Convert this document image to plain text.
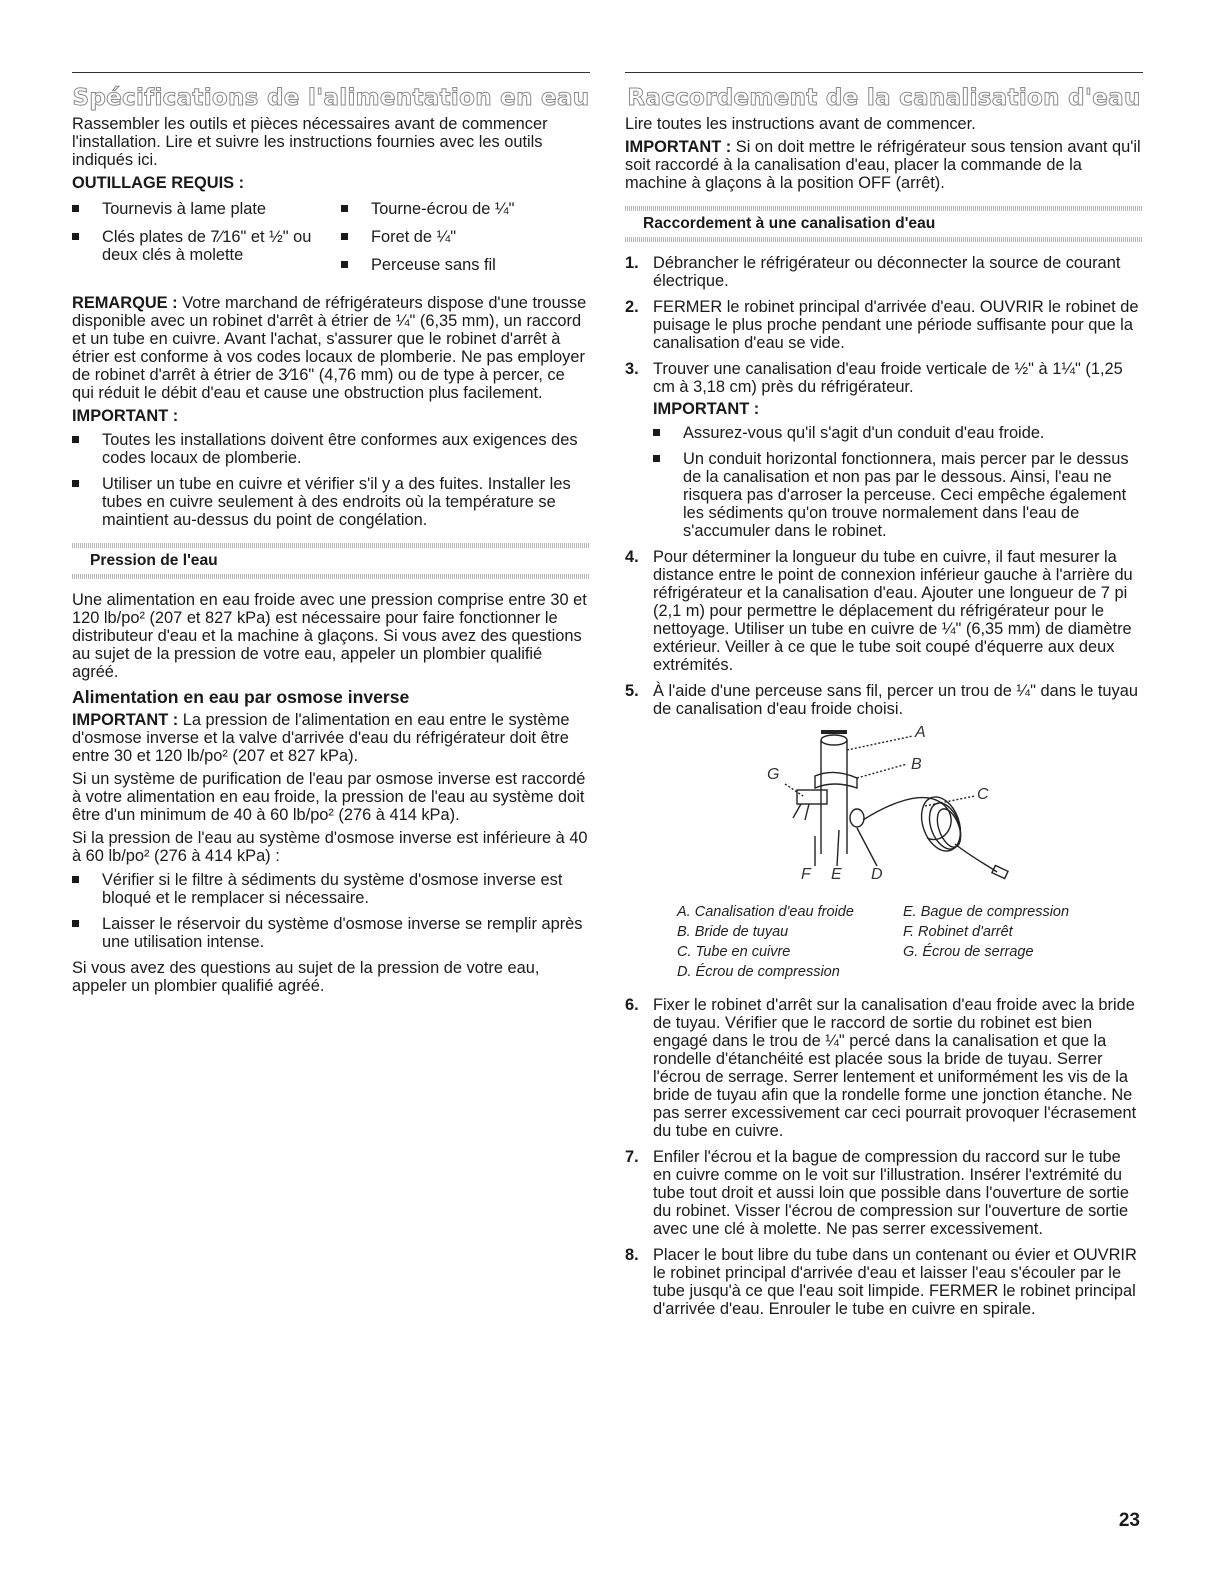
Spécifications de l'alimentation en eau

Rassembler les outils et pièces nécessaires avant de commencer l'installation. Lire et suivre les instructions fournies avec les outils indiqués ici.

OUTILLAGE REQUIS :
Tournevis à lame plate
Clés plates de 7⁄16" et ½" ou deux clés à molette
Tourne-écrou de ¼"
Foret de ¼"
Perceuse sans fil

REMARQUE : Votre marchand de réfrigérateurs dispose d'une trousse disponible avec un robinet d'arrêt à étrier de ¼" (6,35 mm), un raccord et un tube en cuivre. Avant l'achat, s'assurer que le robinet d'arrêt à étrier est conforme à vos codes locaux de plomberie. Ne pas employer de robinet d'arrêt à étrier de 3⁄16" (4,76 mm) ou de type à percer, ce qui réduit le débit d'eau et cause une obstruction plus facilement.

IMPORTANT :
Toutes les installations doivent être conformes aux exigences des codes locaux de plomberie.
Utiliser un tube en cuivre et vérifier s'il y a des fuites. Installer les tubes en cuivre seulement à des endroits où la température se maintient au-dessus du point de congélation.
Pression de l'eau

Une alimentation en eau froide avec une pression comprise entre 30 et 120 lb/po² (207 et 827 kPa) est nécessaire pour faire fonctionner le distributeur d'eau et la machine à glaçons. Si vous avez des questions au sujet de la pression de votre eau, appeler un plombier qualifié agréé.

Alimentation en eau par osmose inverse

IMPORTANT : La pression de l'alimentation en eau entre le système d'osmose inverse et la valve d'arrivée d'eau du réfrigérateur doit être entre 30 et 120 lb/po² (207 et 827 kPa).

Si un système de purification de l'eau par osmose inverse est raccordé à votre alimentation en eau froide, la pression de l'eau au système doit être d'un minimum de 40 à 60 lb/po² (276 à 414 kPa).

Si la pression de l'eau au système d'osmose inverse est inférieure à 40 à 60 lb/po² (276 à 414 kPa) :

Vérifier si le filtre à sédiments du système d'osmose inverse est bloqué et le remplacer si nécessaire.
Laisser le réservoir du système d'osmose inverse se remplir après une utilisation intense.

Si vous avez des questions au sujet de la pression de votre eau, appeler un plombier qualifié agréé.

Raccordement de la canalisation d'eau

Lire toutes les instructions avant de commencer.

IMPORTANT : Si on doit mettre le réfrigérateur sous tension avant qu'il soit raccordé à la canalisation d'eau, placer la commande de la machine à glaçons à la position OFF (arrêt).

Raccordement à une canalisation d'eau
1. Débrancher le réfrigérateur ou déconnecter la source de courant électrique.
2. FERMER le robinet principal d'arrivée d'eau. OUVRIR le robinet de puisage le plus proche pendant une période suffisante pour que la canalisation d'eau se vide.
3. Trouver une canalisation d'eau froide verticale de ½" à 1¼" (1,25 cm à 3,18 cm) près du réfrigérateur.
IMPORTANT :
Assurez-vous qu'il s'agit d'un conduit d'eau froide.
Un conduit horizontal fonctionnera, mais percer par le dessus de la canalisation et non pas par le dessous. Ainsi, l'eau ne risquera pas d'arroser la perceuse. Ceci empêche également les sédiments qu'on trouve normalement dans l'eau de s'accumuler dans le robinet.
4. Pour déterminer la longueur du tube en cuivre, il faut mesurer la distance entre le point de connexion inférieur gauche à l'arrière du réfrigérateur et la canalisation d'eau. Ajouter une longueur de 7 pi (2,1 m) pour permettre le déplacement du réfrigérateur pour le nettoyage. Utiliser un tube en cuivre de ¼" (6,35 mm) de diamètre extérieur. Veiller à ce que le tube soit coupé d'équerre aux deux extrémités.
5. À l'aide d'une perceuse sans fil, percer un trou de ¼" dans le tuyau de canalisation d'eau froide choisi.
A
B
C
D
E
F
G
A. Canalisation d'eau froide
B. Bride de tuyau
C. Tube en cuivre
D. Écrou de compression
E. Bague de compression
F. Robinet d'arrêt
G. Écrou de serrage
6. Fixer le robinet d'arrêt sur la canalisation d'eau froide avec la bride de tuyau. Vérifier que le raccord de sortie du robinet est bien engagé dans le trou de ¼" percé dans la canalisation et que la rondelle d'étanchéité est placée sous la bride de tuyau. Serrer l'écrou de serrage. Serrer lentement et uniformément les vis de la bride de tuyau afin que la rondelle forme une jonction étanche. Ne pas serrer excessivement car ceci pourrait provoquer l'écrasement du tube en cuivre.
7. Enfiler l'écrou et la bague de compression du raccord sur le tube en cuivre comme on le voit sur l'illustration. Insérer l'extrémité du tube tout droit et aussi loin que possible dans l'ouverture de sortie du robinet. Visser l'écrou de compression sur l'ouverture de sortie avec une clé à molette. Ne pas serrer excessivement.
8. Placer le bout libre du tube dans un contenant ou évier et OUVRIR le robinet principal d'arrivée d'eau et laisser l'eau s'écouler par le tube jusqu'à ce que l'eau soit limpide. FERMER le robinet principal d'arrivée d'eau. Enrouler le tube en cuivre en spirale.
23
